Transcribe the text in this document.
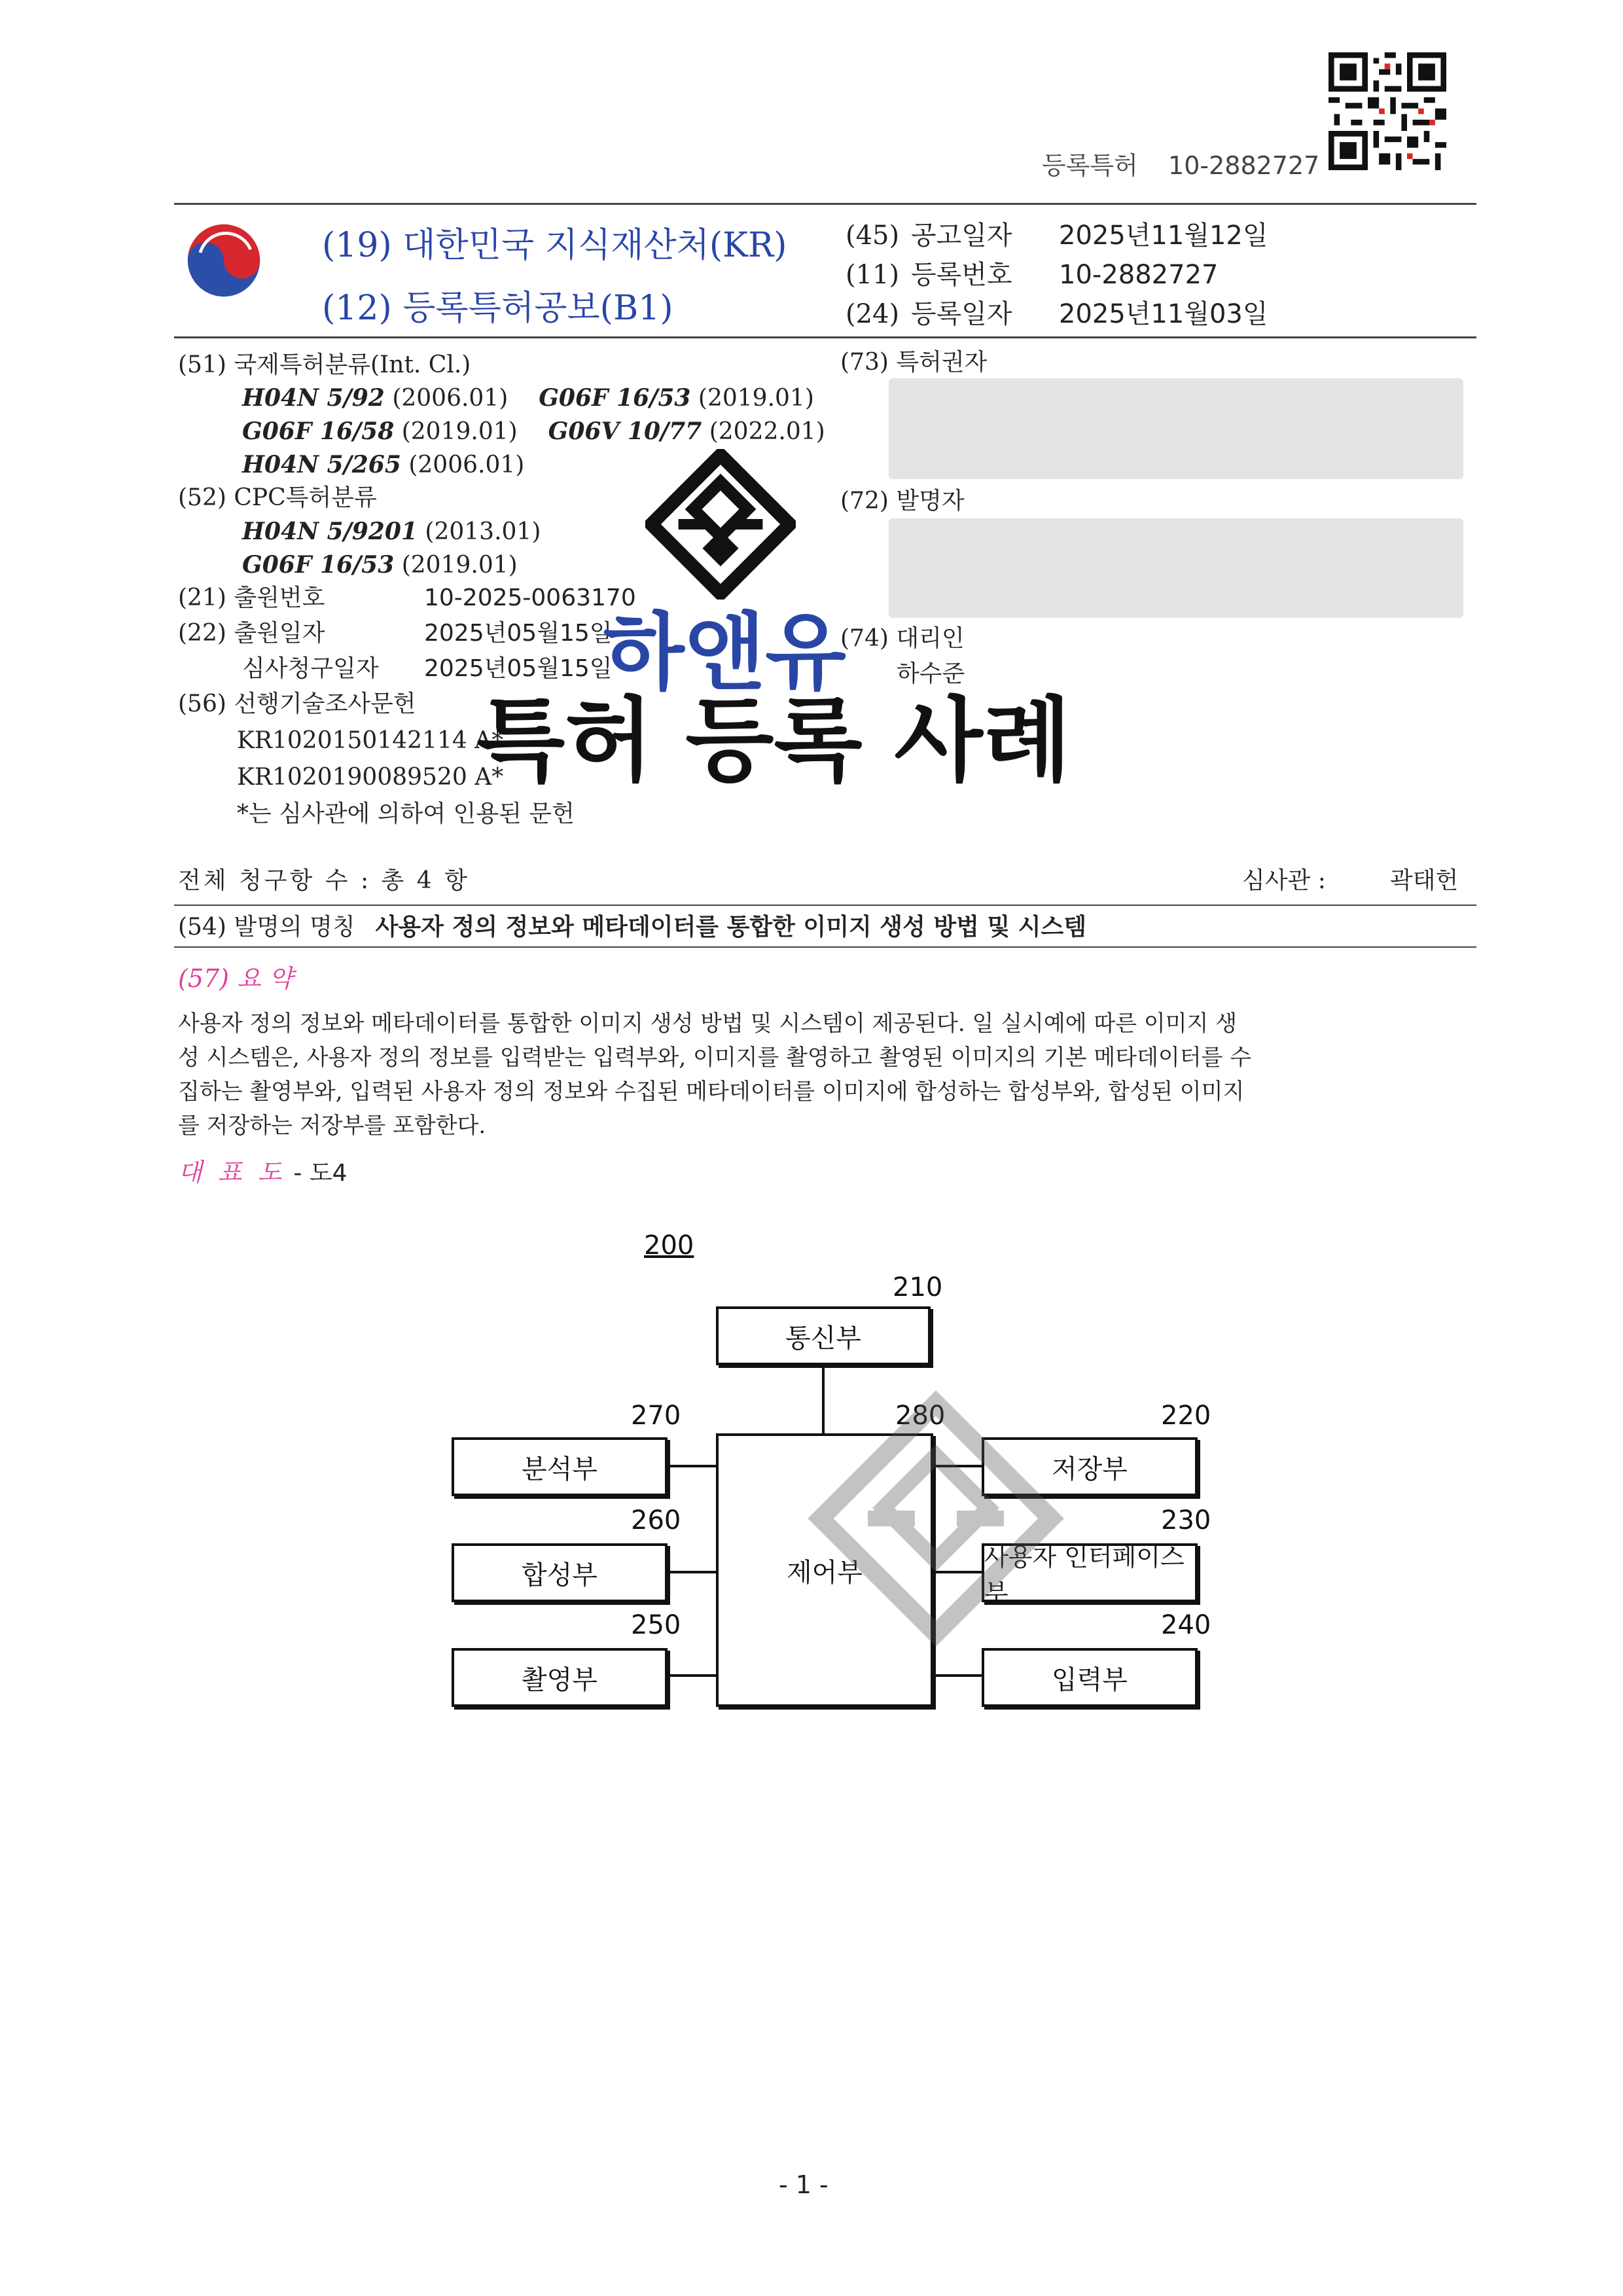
등록특허 10-2882727
(19) 대한민국 지식재산처(KR)
(12) 등록특허공보(B1)
(45) 공고일자 2025년11월12일
(11) 등록번호 10-2882727
(24) 등록일자 2025년11월03일
(51) 국제특허분류(Int. Cl.)
H04N 5/92 (2006.01) G06F 16/53 (2019.01)
G06F 16/58 (2019.01) G06V 10/77 (2022.01)
H04N 5/265 (2006.01)
(52) CPC특허분류
H04N 5/9201 (2013.01)
G06F 16/53 (2019.01)
(21) 출원번호	10-2025-0063170
(22) 출원일자	2025년05월15일
심사청구일자 2025년05월15일
(56) 선행기술조사문헌
KR1020150142114 A*
KR1020190089520 A*
*는 심사관에 의하여 인용된 문헌
(73) 특허권자
(72) 발명자
(74) 대리인
하수준
하앤유
특허 등록 사례
전체 청구항 수 : 총 4 항	심사관 :	곽태헌
(54) 발명의 명칭 사용자 정의 정보와 메타데이터를 통합한 이미지 생성 방법 및 시스템
(57) 요 약
사용자 정의 정보와 메타데이터를 통합한 이미지 생성 방법 및 시스템이 제공된다. 일 실시예에 따른 이미지 생
성 시스템은, 사용자 정의 정보를 입력받는 입력부와, 이미지를 촬영하고 촬영된 이미지의 기본 메타데이터를 수
집하는 촬영부와, 입력된 사용자 정의 정보와 수집된 메타데이터를 이미지에 합성하는 합성부와, 합성된 이미지
를 저장하는 저장부를 포함한다.
대 표 도 - 도4
200
통신부
210
분석부
270
합성부
260
촬영부
250
제어부
280
저장부
220
사용자 인터페이스부
230
입력부
240
- 1 -
